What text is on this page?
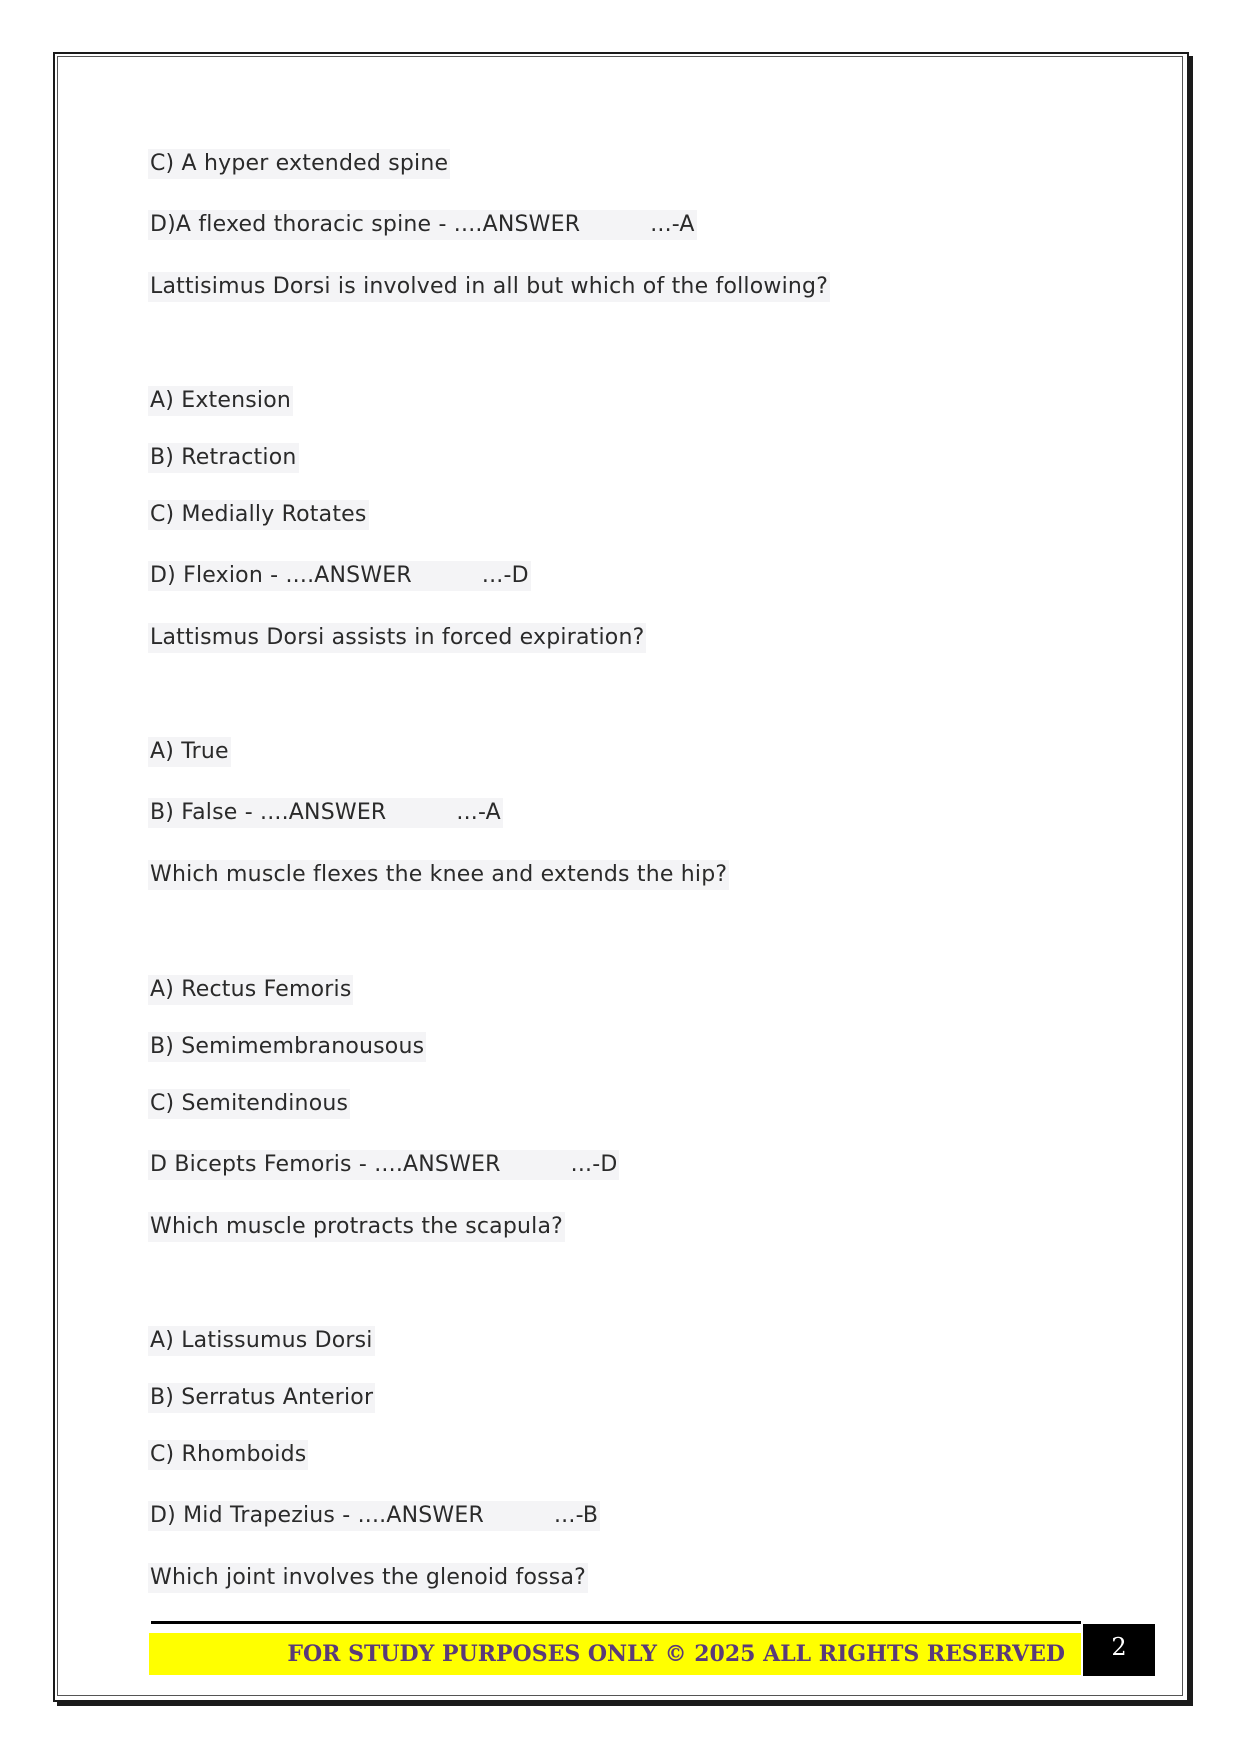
C) A hyper extended spine
D)A flexed thoracic spine - ....ANSWER	...-A
Lattisimus Dorsi is involved in all but which of the following?
A) Extension
B) Retraction
C) Medially Rotates
D) Flexion - ....ANSWER	...-D
Lattismus Dorsi assists in forced expiration?
A) True
B) False - ....ANSWER	...-A
Which muscle flexes the knee and extends the hip?
A) Rectus Femoris
B) Semimembranousous
C) Semitendinous
D Bicepts Femoris - ....ANSWER	...-D
Which muscle protracts the scapula?
A) Latissumus Dorsi
B) Serratus Anterior
C) Rhomboids
D) Mid Trapezius - ....ANSWER	...-B
Which joint involves the glenoid fossa?
FOR STUDY PURPOSES ONLY © 2025 ALL RIGHTS RESERVED	2
